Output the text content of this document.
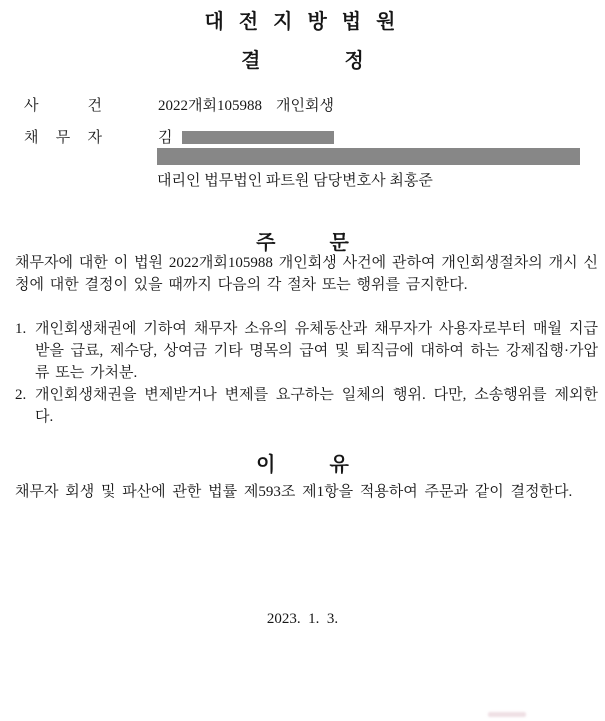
대 전 지 방 법 원
결	정
사	건	2022개회105988 개인회생
채 무 자	김
대리인 법무법인 파트원 담당변호사 최홍준
주	문

채무자에 대한 이 법원 2022개회105988 개인회생 사건에 관하여 개인회생절차의 개시 신청에 대한 결정이 있을 때까지 다음의 각 절차 또는 행위를 금지한다.

1. 개인회생채권에 기하여 채무자 소유의 유체동산과 채무자가 사용자로부터 매월 지급받을 급료, 제수당, 상여금 기타 명목의 급여 및 퇴직금에 대하여 하는 강제집행·가압류 또는 가처분.
2. 개인회생채권을 변제받거나 변제를 요구하는 일체의 행위. 다만, 소송행위를 제외한다.
이	유

채무자 회생 및 파산에 관한 법률 제593조 제1항을 적용하여 주문과 같이 결정한다.

2023.  1.  3.
